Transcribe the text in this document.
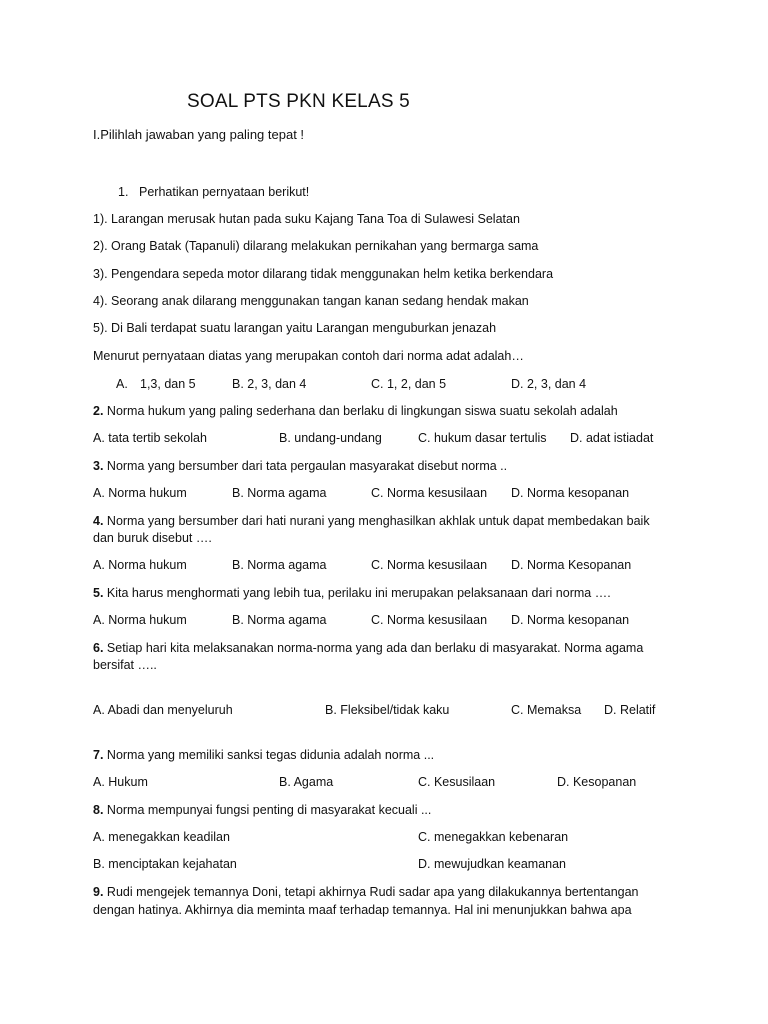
SOAL PTS PKN KELAS 5
I.Pilihlah jawaban yang paling tepat !
1. Perhatikan pernyataan berikut!
1). Larangan merusak hutan pada suku Kajang Tana Toa di Sulawesi Selatan
2). Orang Batak (Tapanuli) dilarang melakukan pernikahan yang bermarga sama
3). Pengendara sepeda motor dilarang tidak menggunakan helm ketika berkendara
4). Seorang anak dilarang menggunakan tangan kanan sedang hendak makan
5). Di Bali terdapat suatu larangan yaitu Larangan menguburkan jenazah
Menurut pernyataan diatas yang merupakan contoh dari norma adat adalah…
A. 1,3, dan 5	B. 2, 3, dan 4	C. 1, 2, dan 5	D. 2, 3, dan 4
2. Norma hukum yang paling sederhana dan berlaku di lingkungan siswa suatu sekolah adalah
A. tata tertib sekolah	B. undang-undang	C. hukum dasar tertulis D. adat istiadat
3. Norma yang bersumber dari tata pergaulan masyarakat disebut norma ..
A. Norma hukum	B. Norma agama	C. Norma kesusilaan D. Norma kesopanan
4. Norma yang bersumber dari hati nurani yang menghasilkan akhlak untuk dapat membedakan baik
dan buruk disebut ….
A. Norma hukum	B. Norma agama	C. Norma kesusilaan D. Norma Kesopanan
5. Kita harus menghormati yang lebih tua, perilaku ini merupakan pelaksanaan dari norma ….
A. Norma hukum	B. Norma agama	C. Norma kesusilaan D. Norma kesopanan
6. Setiap hari kita melaksanakan norma-norma yang ada dan berlaku di masyarakat. Norma agama
bersifat …..
A. Abadi dan menyeluruh	B. Fleksibel/tidak kaku	C. Memaksa D. Relatif
7. Norma yang memiliki sanksi tegas didunia adalah norma ...
A. Hukum	B. Agama	C. Kesusilaan	D. Kesopanan
8. Norma mempunyai fungsi penting di masyarakat kecuali ...
A. menegakkan keadilan	C. menegakkan kebenaran
B. menciptakan kejahatan	D. mewujudkan keamanan
9. Rudi mengejek temannya Doni, tetapi akhirnya Rudi sadar apa yang dilakukannya bertentangan
dengan hatinya. Akhirnya dia meminta maaf terhadap temannya. Hal ini menunjukkan bahwa apa
